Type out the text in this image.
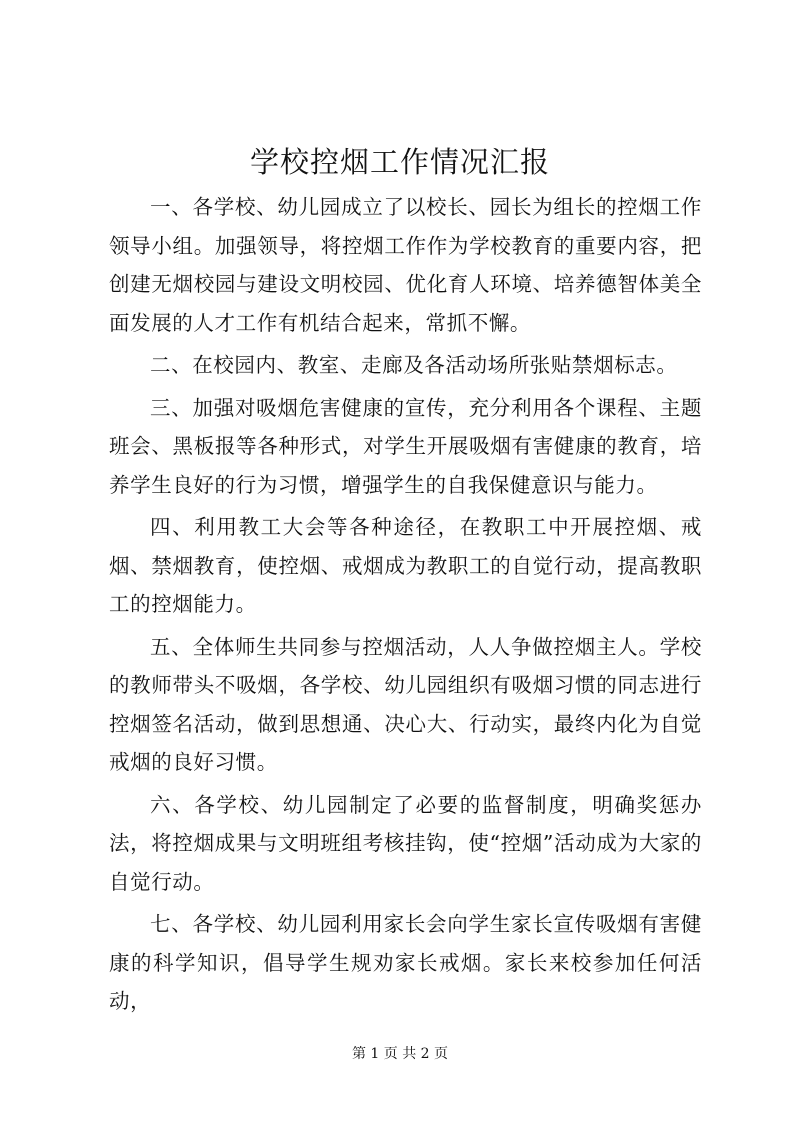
学校控烟工作情况汇报

一、各学校、幼儿园成立了以校长、园长为组长的控烟工作领导小组。加强领导，将控烟工作作为学校教育的重要内容，把创建无烟校园与建设文明校园、优化育人环境、培养德智体美全面发展的人才工作有机结合起来，常抓不懈。

二、在校园内、教室、走廊及各活动场所张贴禁烟标志。

三、加强对吸烟危害健康的宣传，充分利用各个课程、主题班会、黑板报等各种形式，对学生开展吸烟有害健康的教育，培养学生良好的行为习惯，增强学生的自我保健意识与能力。

四、利用教工大会等各种途径，在教职工中开展控烟、戒烟、禁烟教育，使控烟、戒烟成为教职工的自觉行动，提高教职工的控烟能力。

五、全体师生共同参与控烟活动，人人争做控烟主人。学校的教师带头不吸烟，各学校、幼儿园组织有吸烟习惯的同志进行控烟签名活动，做到思想通、决心大、行动实，最终内化为自觉戒烟的良好习惯。

六、各学校、幼儿园制定了必要的监督制度，明确奖惩办法，将控烟成果与文明班组考核挂钩，使“控烟”活动成为大家的自觉行动。

七、各学校、幼儿园利用家长会向学生家长宣传吸烟有害健康的科学知识，倡导学生规劝家长戒烟。家长来校参加任何活动，

第 1 页 共 2 页
